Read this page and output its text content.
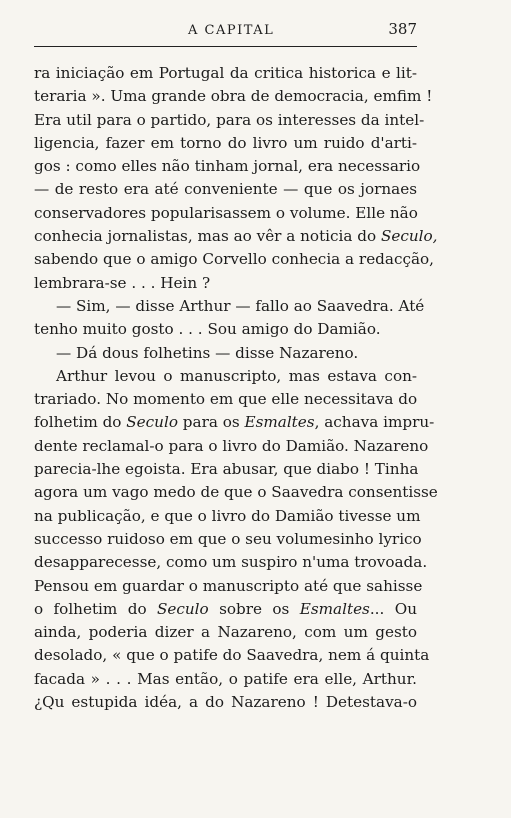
A CAPITAL	387
ra iniciação em Portugal da critica historica e lit-
teraria ». Uma grande obra de democracia, emfim !
Era util para o partido, para os interesses da intel-
ligencia, fazer em torno do livro um ruido d'arti-
gos : como elles não tinham jornal, era necessario
— de resto era até conveniente — que os jornaes
conservadores popularisassem o volume. Elle não
conhecia jornalistas, mas ao vêr a noticia do Seculo,
sabendo que o amigo Corvello conhecia a redacção,
lembrara-se . . . Hein ?
— Sim, — disse Arthur — fallo ao Saavedra. Até
tenho muito gosto . . . Sou amigo do Damião.
— Dá dous folhetins — disse Nazareno.
Arthur levou o manuscripto, mas estava con-
trariado. No momento em que elle necessitava do
folhetim do Seculo para os Esmaltes, achava impru-
dente reclamal-o para o livro do Damião. Nazareno
parecia-lhe egoista. Era abusar, que diabo ! Tinha
agora um vago medo de que o Saavedra consentisse
na publicação, e que o livro do Damião tivesse um
successo ruidoso em que o seu volumesinho lyrico
desapparecesse, como um suspiro n'uma trovoada.
Pensou em guardar o manuscripto até que sahisse
o folhetim do Seculo sobre os Esmaltes... Ou
ainda, poderia dizer a Nazareno, com um gesto
desolado, « que o patife do Saavedra, nem á quinta
facada » . . . Mas então, o patife era elle, Arthur.
¿Qu estupida idéa, a do Nazareno ! Detestava-o
